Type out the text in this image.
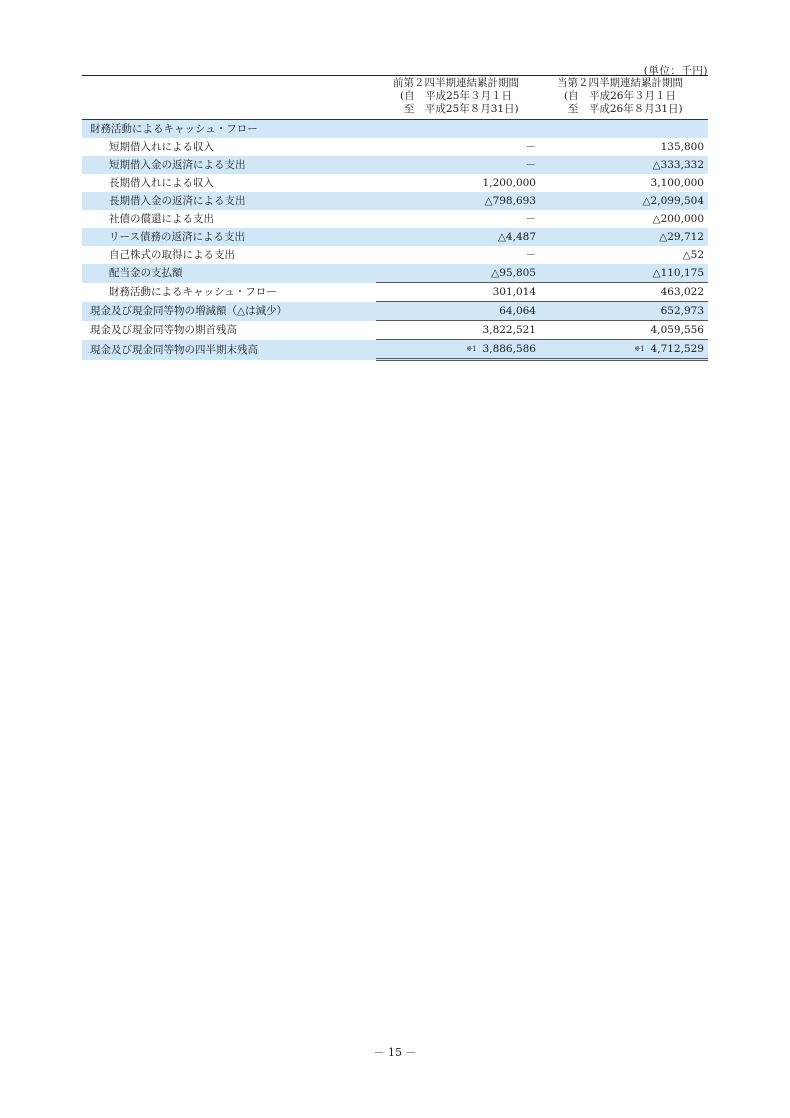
(単位：千円)
前第２四半期連結累計期間
(自　平成25年３月１日
　至　平成25年８月31日)
当第２四半期連結累計期間
(自　平成26年３月１日
　至　平成26年８月31日)
財務活動によるキャッシュ・フロー		
短期借入れによる収入	－	135,800
短期借入金の返済による支出	－	△333,332
長期借入れによる収入	1,200,000	3,100,000
長期借入金の返済による支出	△798,693	△2,099,504
社債の償還による支出	－	△200,000
リース債務の返済による支出	△4,487	△29,712
自己株式の取得による支出	－	△52
配当金の支払額	△95,805	△110,175
財務活動によるキャッシュ・フロー	301,014	463,022
現金及び現金同等物の増減額（△は減少）	64,064	652,973
現金及び現金同等物の期首残高	3,822,521	4,059,556
現金及び現金同等物の四半期末残高	※1 3,886,586	※1 4,712,529
－ 15 －
